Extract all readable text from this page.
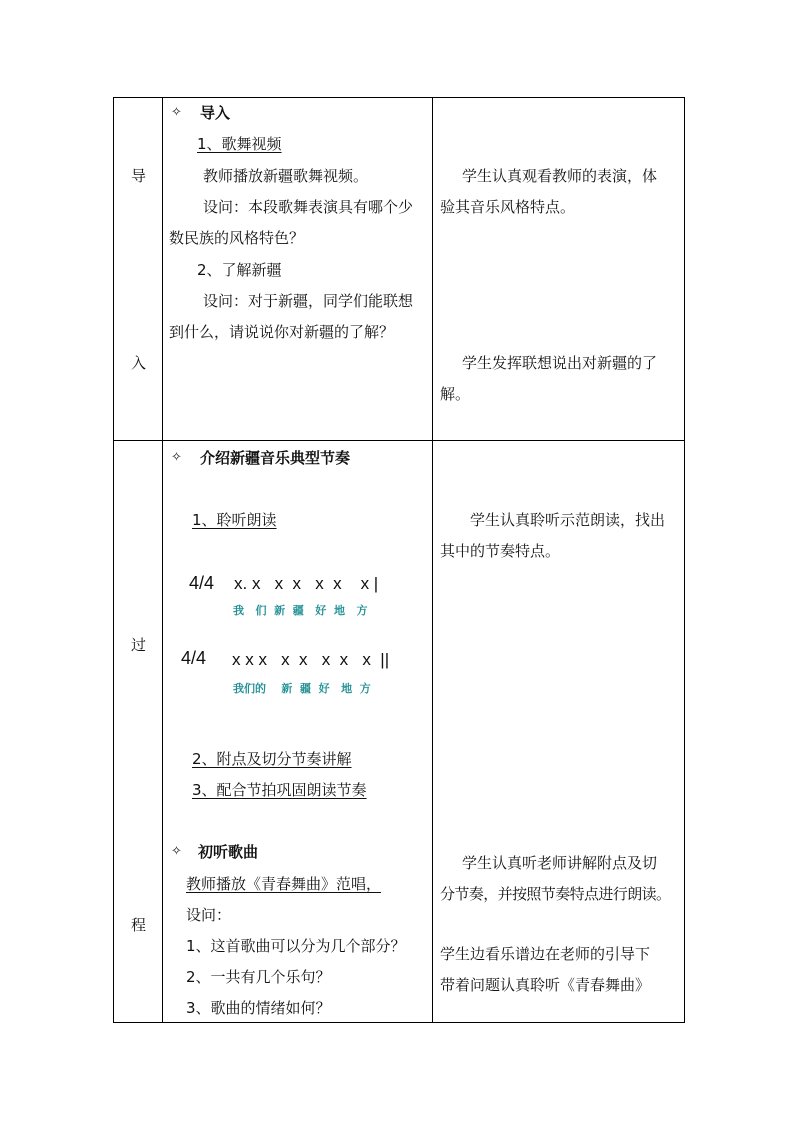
导
入
过
程
✧ 导入
1、歌舞视频
教师播放新疆歌舞视频。
设问：本段歌舞表演具有哪个少
数民族的风格特色？
2、了解新疆
设问：对于新疆，同学们能联想
到什么，请说说你对新疆的了解？
学生认真观看教师的表演，体
验其音乐风格特点。
学生发挥联想说出对新疆的了
解。
✧ 介绍新疆音乐典型节奏
1、聆听朗读
4/4 x. x   x  x   x  x    x |
我   们  新  疆   好  地   方
4/4 x x x   x  x   x  x   x  ||
我们的    新  疆  好   地  方
2、附点及切分节奏讲解
3、配合节拍巩固朗读节奏
✧ 初听歌曲
教师播放《青春舞曲》范唱，
设问：
1、这首歌曲可以分为几个部分？
2、一共有几个乐句？
3、歌曲的情绪如何？
学生认真聆听示范朗读，找出
其中的节奏特点。
学生认真听老师讲解附点及切
分节奏，并按照节奏特点进行朗读。
学生边看乐谱边在老师的引导下
带着问题认真聆听《青春舞曲》
